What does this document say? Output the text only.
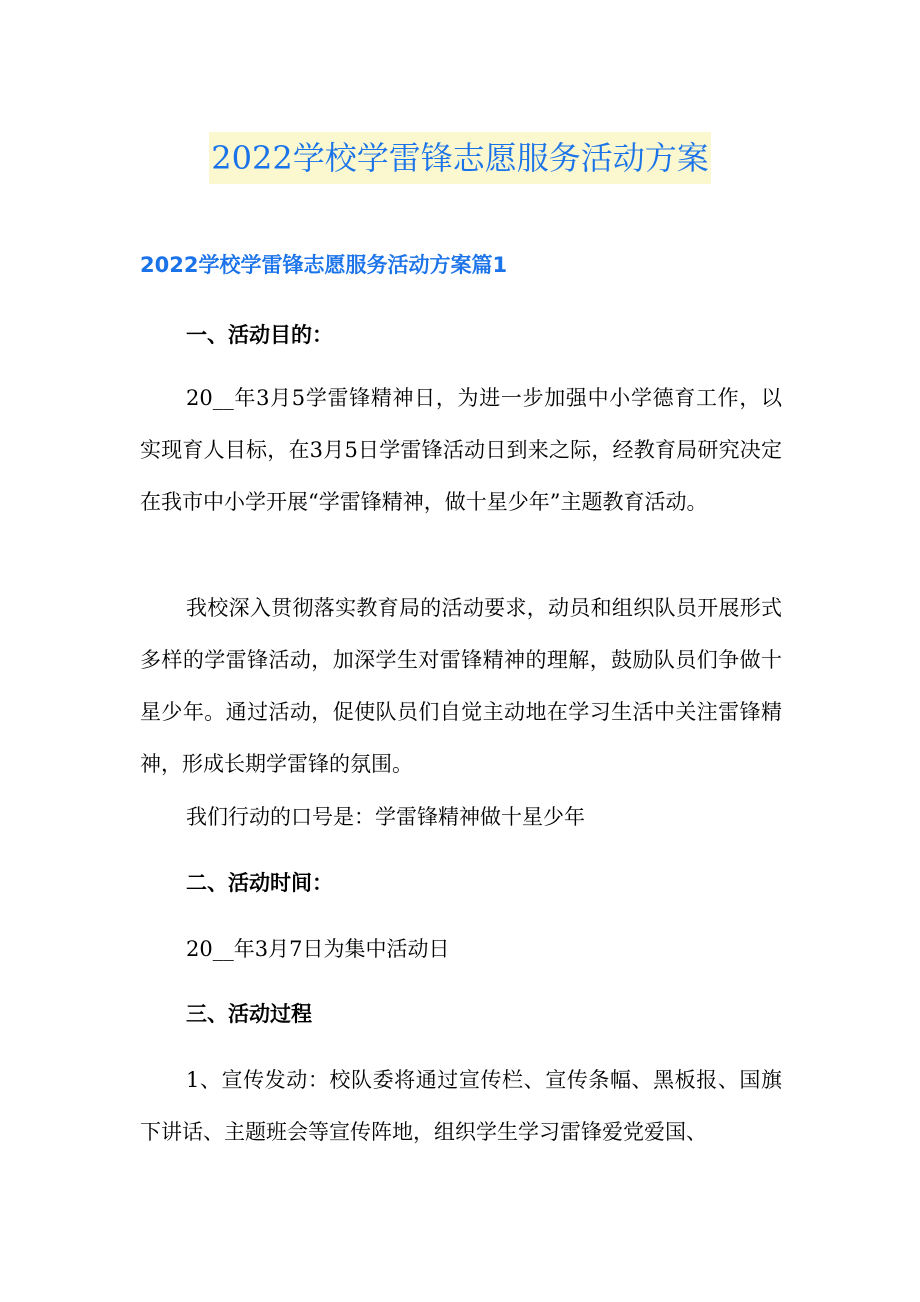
2022学校学雷锋志愿服务活动方案
2022学校学雷锋志愿服务活动方案篇1
一、活动目的：
20__年3月5学雷锋精神日，为进一步加强中小学德育工作，以实现育人目标，在3月5日学雷锋活动日到来之际，经教育局研究决定在我市中小学开展“学雷锋精神，做十星少年”主题教育活动。
我校深入贯彻落实教育局的活动要求，动员和组织队员开展形式多样的学雷锋活动，加深学生对雷锋精神的理解，鼓励队员们争做十星少年。通过活动，促使队员们自觉主动地在学习生活中关注雷锋精神，形成长期学雷锋的氛围。
我们行动的口号是：学雷锋精神做十星少年
二、活动时间：
20__年3月7日为集中活动日
三、活动过程
1、宣传发动：校队委将通过宣传栏、宣传条幅、黑板报、国旗下讲话、主题班会等宣传阵地，组织学生学习雷锋爱党爱国、
